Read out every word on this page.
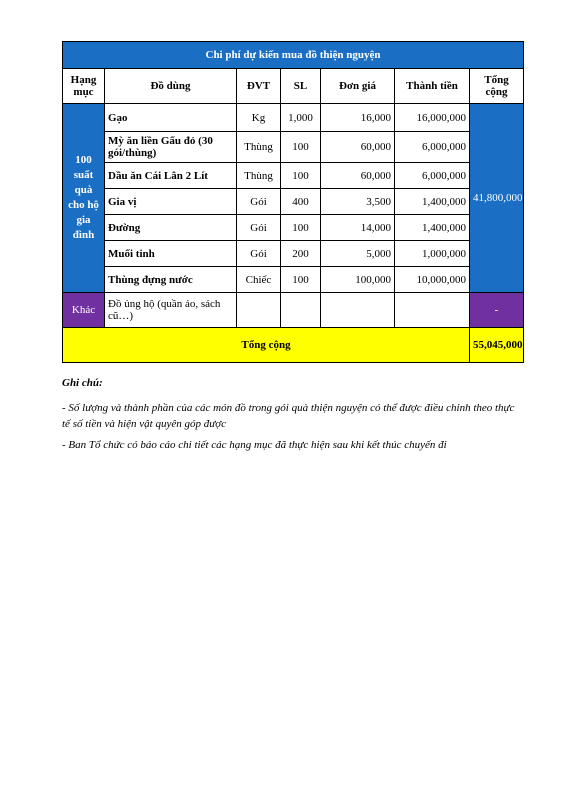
Chi phí dự kiến mua đồ thiện nguyện						
Hạng mục	Đồ dùng	ĐVT	SL	Đơn giá	Thành tiền	Tổng cộng
100 suất quà cho hộ gia đình	Gạo	Kg	1,000	16,000	16,000,000	41,800,000
	Mỳ ăn liền Gấu đỏ (30 gói/thùng)	Thùng	100	60,000	6,000,000	
	Dầu ăn Cái Lân 2 Lít	Thùng	100	60,000	6,000,000	
	Gia vị	Gói	400	3,500	1,400,000	
	Đường	Gói	100	14,000	1,400,000	
	Muối tinh	Gói	200	5,000	1,000,000	
	Thùng đựng nước	Chiếc	100	100,000	10,000,000	
Khác	Đồ ủng hộ (quần áo, sách cũ…)					-
Tổng cộng						55,045,000
Ghi chú:

- Số lượng và thành phần của các món đồ trong gói quà thiện nguyện có thể được điều chỉnh theo thực tế số tiền và hiện vật quyên góp được

- Ban Tổ chức có báo cáo chi tiết các hạng mục đã thực hiện sau khi kết thúc chuyến đi
